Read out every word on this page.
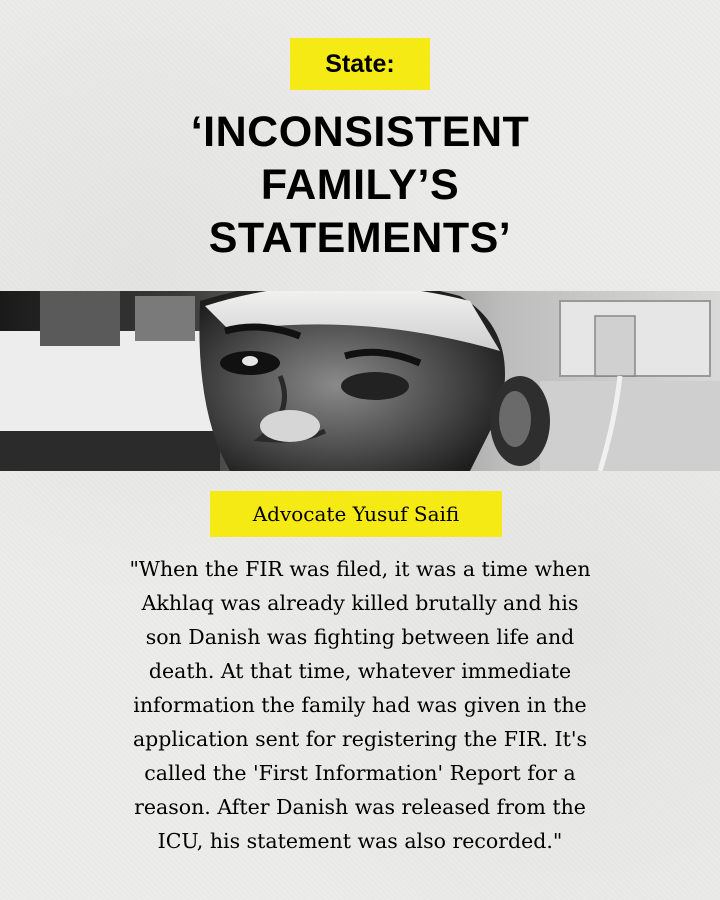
State:
‘INCONSISTENT
FAMILY’S
STATEMENTS’
Advocate Yusuf Saifi
"When the FIR was filed, it was a time when
Akhlaq was already killed brutally and his
son Danish was fighting between life and
death. At that time, whatever immediate
information the family had was given in the
application sent for registering the FIR. It's
called the 'First Information' Report for a
reason. After Danish was released from the
ICU, his statement was also recorded."
